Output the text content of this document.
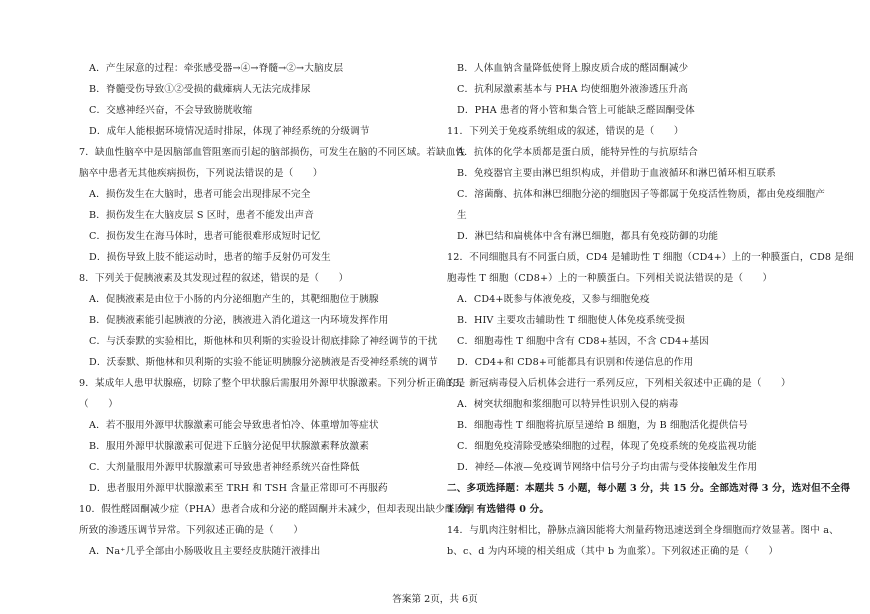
A．产生尿意的过程：牵张感受器→④→脊髓→②→大脑皮层
B．脊髓受伤导致①②受损的截瘫病人无法完成排尿
C．交感神经兴奋，不会导致膀胱收缩
D．成年人能根据环境情况适时排尿，体现了神经系统的分级调节
7．缺血性脑卒中是因脑部血管阻塞而引起的脑部损伤，可发生在脑的不同区域。若缺血性
脑卒中患者无其他疾病损伤，下列说法错误的是（　　）
A．损伤发生在大脑时，患者可能会出现排尿不完全
B．损伤发生在大脑皮层 S 区时，患者不能发出声音
C．损伤发生在海马体时，患者可能很难形成短时记忆
D．损伤导致上肢不能运动时，患者的缩手反射仍可发生
8．下列关于促胰液素及其发现过程的叙述，错误的是（　　）
A．促胰液素是由位于小肠的内分泌细胞产生的，其靶细胞位于胰腺
B．促胰液素能引起胰液的分泌，胰液进入消化道这一内环境发挥作用
C．与沃泰默的实验相比，斯他林和贝利斯的实验设计彻底排除了神经调节的干扰
D．沃泰默、斯他林和贝利斯的实验不能证明胰腺分泌胰液是否受神经系统的调节
9．某成年人患甲状腺癌，切除了整个甲状腺后需服用外源甲状腺激素。下列分析正确的是
（　　）
A．若不服用外源甲状腺激素可能会导致患者怕冷、体重增加等症状
B．服用外源甲状腺激素可促进下丘脑分泌促甲状腺激素释放激素
C．大剂量服用外源甲状腺激素可导致患者神经系统兴奋性降低
D．患者服用外源甲状腺激素至 TRH 和 TSH 含量正常即可不再服药
10．假性醛固酮减少症（PHA）患者合成和分泌的醛固酮并未减少，但却表现出缺少醛固酮
所致的渗透压调节异常。下列叙述正确的是（　　）
A．Na⁺几乎全部由小肠吸收且主要经皮肤随汗液排出
B．人体血钠含量降低使肾上腺皮质合成的醛固酮减少
C．抗利尿激素基本与 PHA 均使细胞外液渗透压升高
D．PHA 患者的肾小管和集合管上可能缺乏醛固酮受体
11．下列关于免疫系统组成的叙述，错误的是（　　）
A．抗体的化学本质都是蛋白质，能特异性的与抗原结合
B．免疫器官主要由淋巴组织构成，并借助于血液循环和淋巴循环相互联系
C．溶菌酶、抗体和淋巴细胞分泌的细胞因子等都属于免疫活性物质，都由免疫细胞产
生
D．淋巴结和扁桃体中含有淋巴细胞，都具有免疫防御的功能
12．不同细胞具有不同蛋白质，CD4 是辅助性 T 细胞（CD4+）上的一种膜蛋白，CD8 是细
胞毒性 T 细胞（CD8+）上的一种膜蛋白。下列相关说法错误的是（　　）
A．CD4+既参与体液免疫，又参与细胞免疫
B．HIV 主要攻击辅助性 T 细胞使人体免疫系统受损
C．细胞毒性 T 细胞中含有 CD8+基因，不含 CD4+基因
D．CD4+和 CD8+可能都具有识别和传递信息的作用
13．新冠病毒侵入后机体会进行一系列反应，下列相关叙述中正确的是（　　）
A．树突状细胞和浆细胞可以特异性识别入侵的病毒
B．细胞毒性 T 细胞将抗原呈递给 B 细胞，为 B 细胞活化提供信号
C．细胞免疫清除受感染细胞的过程，体现了免疫系统的免疫监视功能
D．神经—体液—免疫调节网络中信号分子均由需与受体接触发生作用
二、多项选择题：本题共 5 小题，每小题 3 分，共 15 分。全部选对得 3 分，选对但不全得
1 分，有选错得 0 分。
14．与肌肉注射相比，静脉点滴因能将大剂量药物迅速送到全身细胞而疗效显著。图中 a、
b、c、d 为内环境的相关组成（其中 b 为血浆）。下列叙述正确的是（　　）
答案第 2页，共 6页
